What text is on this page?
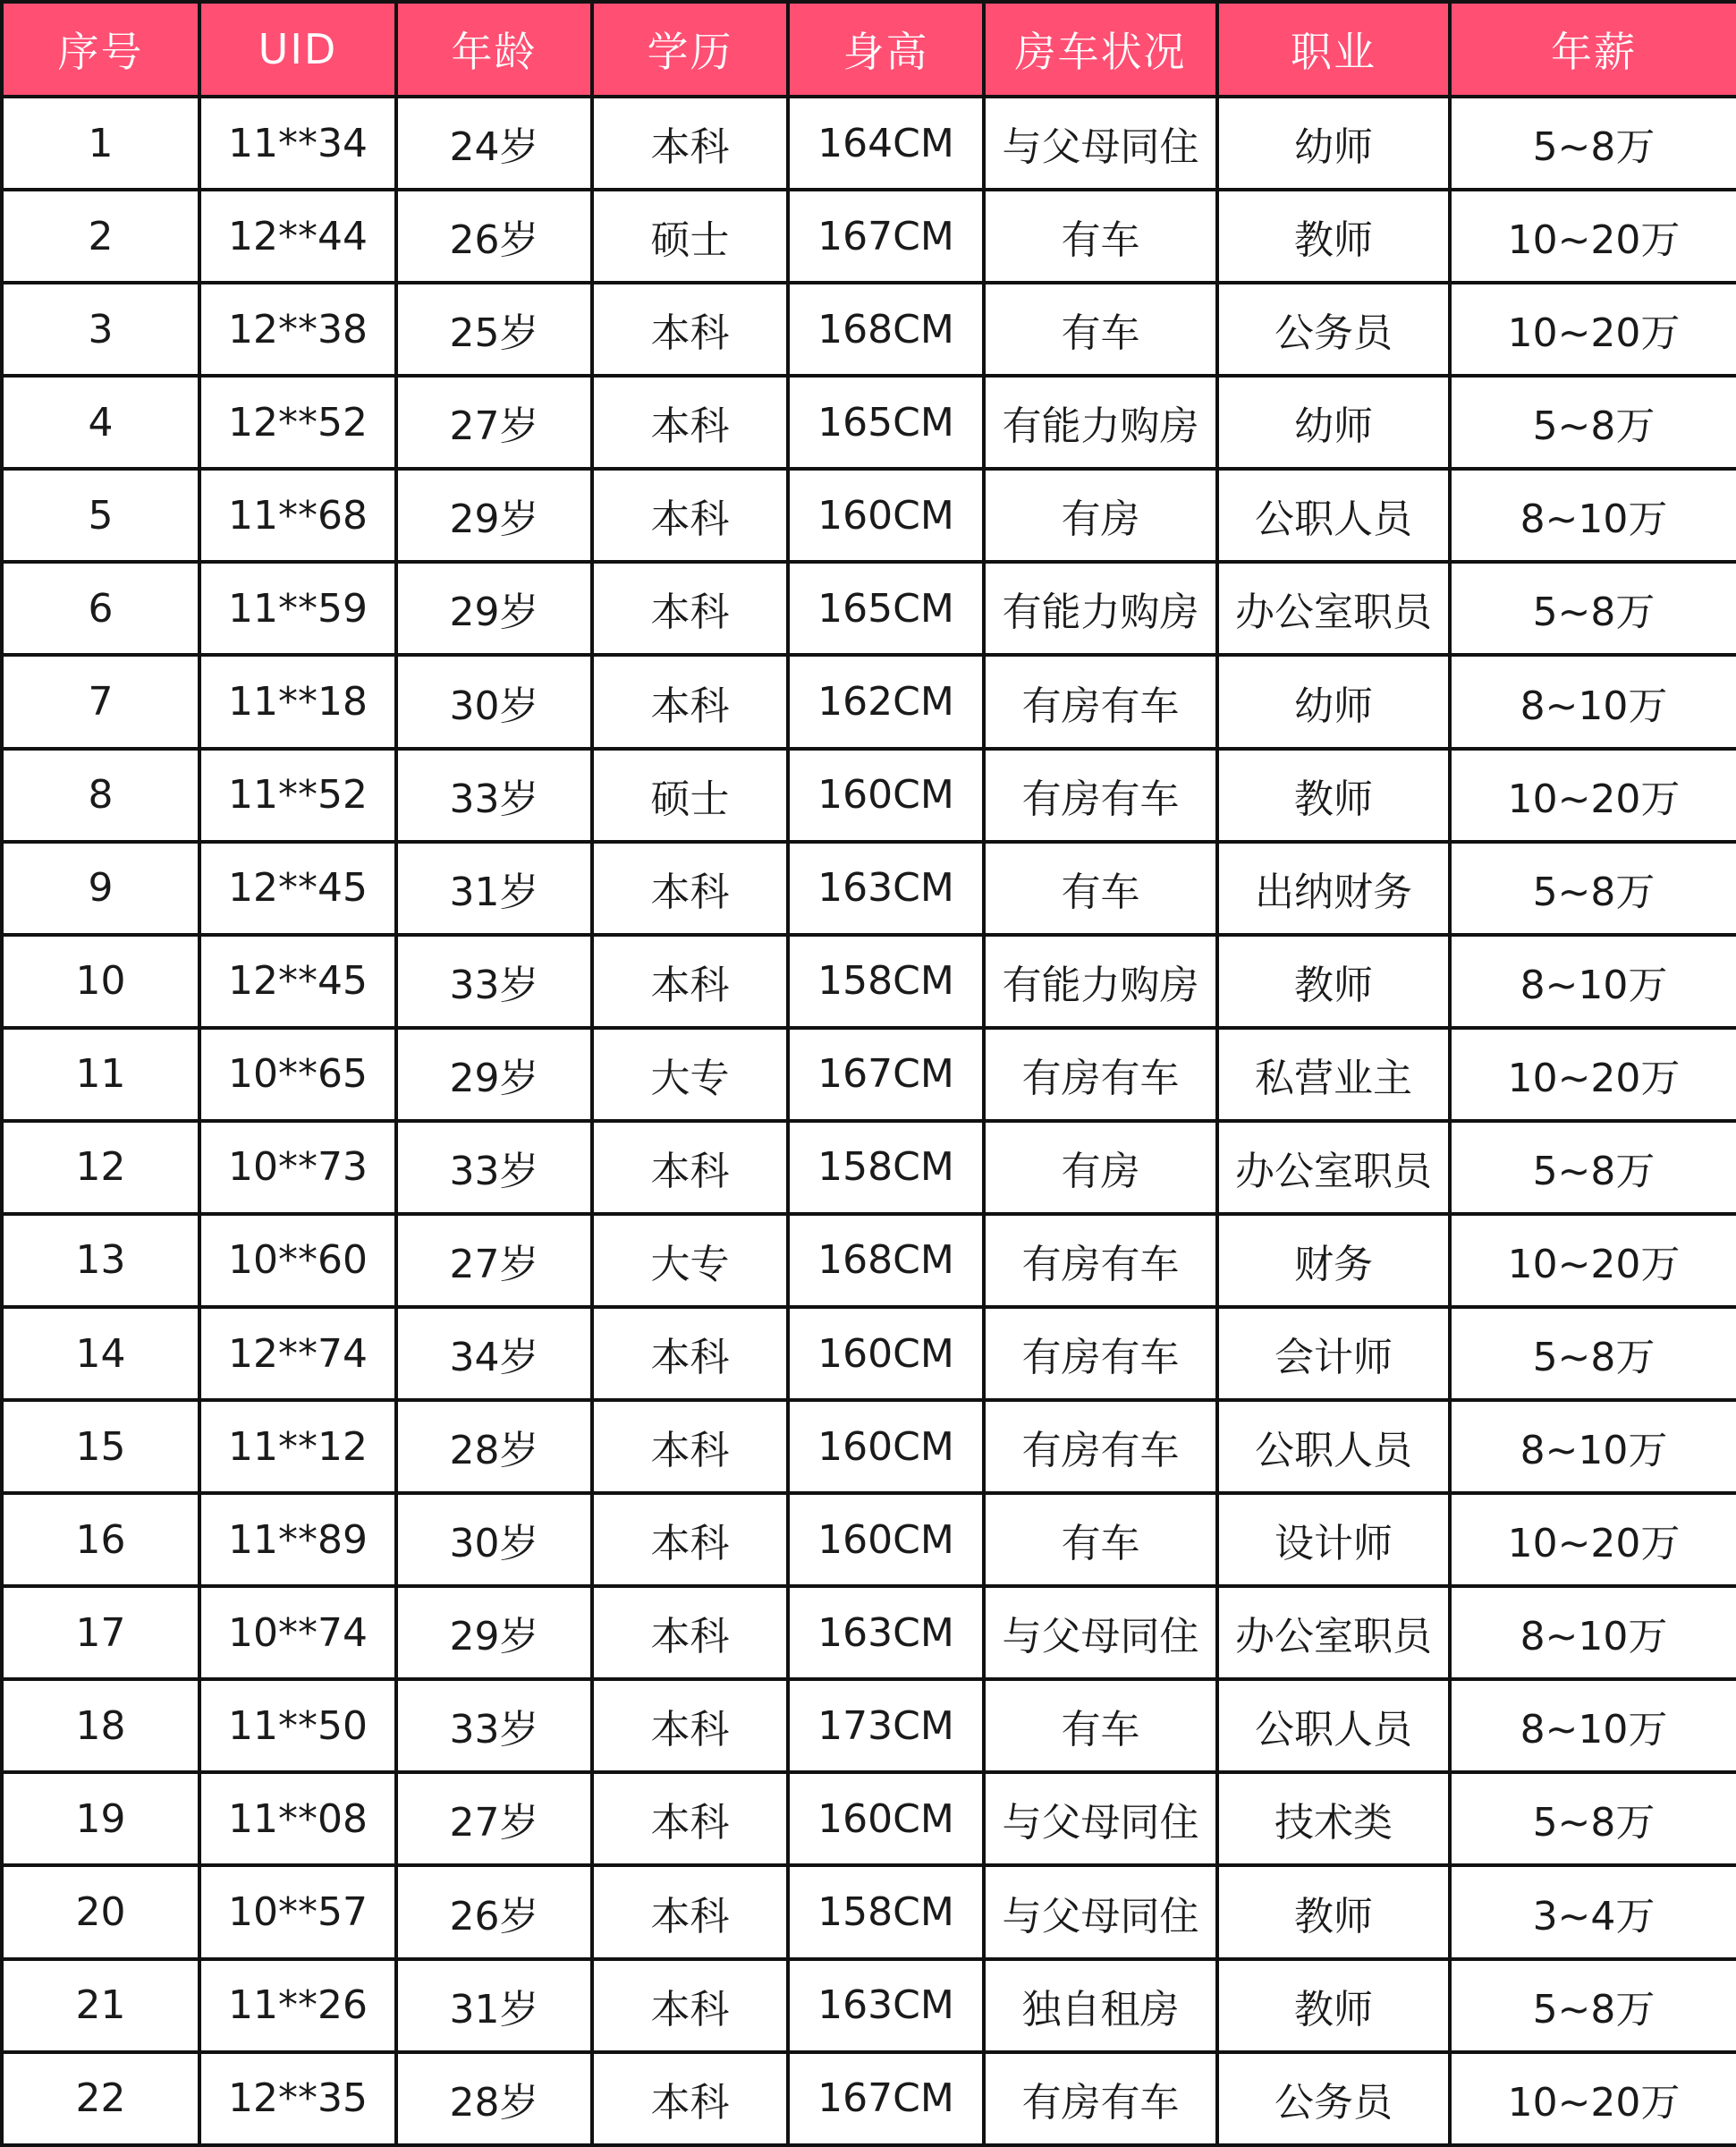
序号	UID	年龄	学历	身高	房车状况	职业	年薪
1	11**34	24岁	本科	164CM	与父母同住	幼师	5~8万
2	12**44	26岁	硕士	167CM	有车	教师	10~20万
3	12**38	25岁	本科	168CM	有车	公务员	10~20万
4	12**52	27岁	本科	165CM	有能力购房	幼师	5~8万
5	11**68	29岁	本科	160CM	有房	公职人员	8~10万
6	11**59	29岁	本科	165CM	有能力购房	办公室职员	5~8万
7	11**18	30岁	本科	162CM	有房有车	幼师	8~10万
8	11**52	33岁	硕士	160CM	有房有车	教师	10~20万
9	12**45	31岁	本科	163CM	有车	出纳财务	5~8万
10	12**45	33岁	本科	158CM	有能力购房	教师	8~10万
11	10**65	29岁	大专	167CM	有房有车	私营业主	10~20万
12	10**73	33岁	本科	158CM	有房	办公室职员	5~8万
13	10**60	27岁	大专	168CM	有房有车	财务	10~20万
14	12**74	34岁	本科	160CM	有房有车	会计师	5~8万
15	11**12	28岁	本科	160CM	有房有车	公职人员	8~10万
16	11**89	30岁	本科	160CM	有车	设计师	10~20万
17	10**74	29岁	本科	163CM	与父母同住	办公室职员	8~10万
18	11**50	33岁	本科	173CM	有车	公职人员	8~10万
19	11**08	27岁	本科	160CM	与父母同住	技术类	5~8万
20	10**57	26岁	本科	158CM	与父母同住	教师	3~4万
21	11**26	31岁	本科	163CM	独自租房	教师	5~8万
22	12**35	28岁	本科	167CM	有房有车	公务员	10~20万
